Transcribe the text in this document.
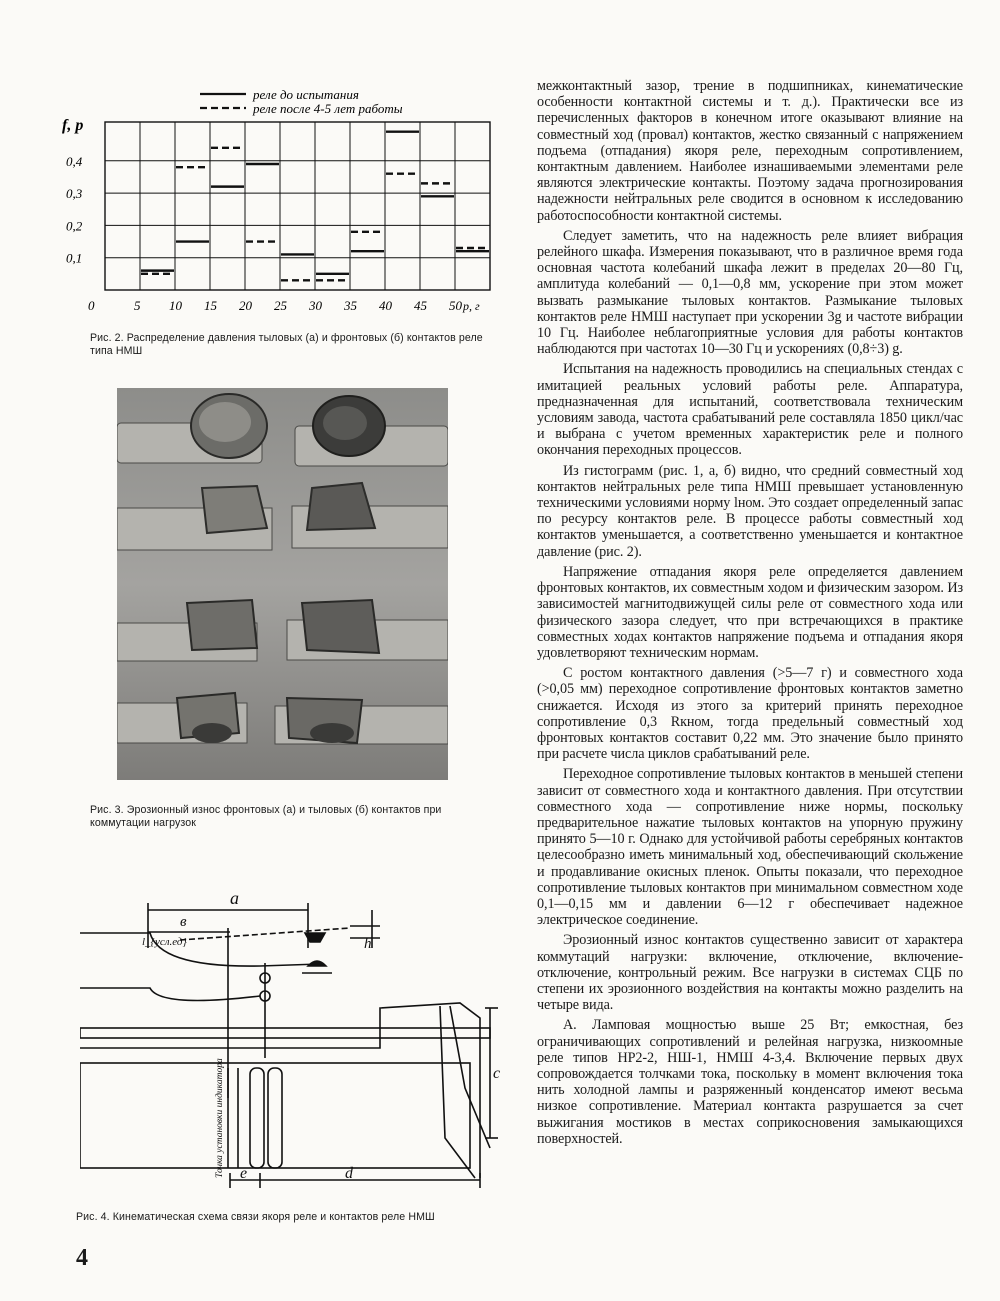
0,1
0,2
0,3
0,4
0	5 10 15 20 25 30 35 40 45 50
реле до испытания
реле после 4-5 лет работы
f, р
р, г
Рис. 2. Распределение давления тыловых (а) и фронтовых (б) контактов реле типа НМШ
Рис. 3. Эрозионный износ фронтовых (а) и тыловых (б) контактов при коммутации нагрузок
a
в
l_{усл.ед}	h
c
d
e
Точка установки индикатора
Рис. 4. Кинематическая схема связи якоря реле и контактов реле НМШ
4

межконтактный зазор, трение в подшипниках, кинематические особенности контактной системы и т. д.). Практически все из перечисленных факторов в конечном итоге оказывают влияние на совместный ход (провал) контактов, жестко связанный с напряжением подъема (отпадания) якоря реле, переходным сопротивлением, контактным давлением. Наиболее изнашиваемыми элементами реле являются электрические контакты. Поэтому задача прогнозирования надежности нейтральных реле сводится в основном к исследованию работоспособности контактной системы.

Следует заметить, что на надежность реле влияет вибрация релейного шкафа. Измерения показывают, что в различное время года основная частота колебаний шкафа лежит в пределах 20—80 Гц, амплитуда колебаний — 0,1—0,8 мм, ускорение при этом может вызвать размыкание тыловых контактов. Размыкание тыловых контактов реле НМШ наступает при ускорении 3g и частоте вибрации 10 Гц. Наиболее неблагоприятные условия для работы контактов наблюдаются при частотах 10—30 Гц и ускорениях (0,8÷3) g.

Испытания на надежность проводились на специальных стендах с имитацией реальных условий работы реле. Аппаратура, предназначенная для испытаний, соответствовала техническим условиям завода, частота срабатываний реле составляла 1850 цикл/час и выбрана с учетом временных характеристик реле и полного окончания переходных процессов.

Из гистограмм (рис. 1, а, б) видно, что средний совместный ход контактов нейтральных реле типа НМШ превышает установленную техническими условиями норму lном. Это создает определенный запас по ресурсу контактов реле. В процессе работы совместный ход контактов уменьшается, а соответственно уменьшается и контактное давление (рис. 2).

Напряжение отпадания якоря реле определяется давлением фронтовых контактов, их совместным ходом и физическим зазором. Из зависимостей магнитодвижущей силы реле от совместного хода или физического зазора следует, что при встречающихся в практике совместных ходах контактов напряжение подъема и отпадания якоря удовлетворяют техническим нормам.

С ростом контактного давления (>5—7 г) и совместного хода (>0,05 мм) переходное сопротивление фронтовых контактов заметно снижается. Исходя из этого за критерий принять переходное сопротивление 0,3 Rкном, тогда предельный совместный ход фронтовых контактов составит 0,22 мм. Это значение было принято при расчете числа циклов срабатываний реле.

Переходное сопротивление тыловых контактов в меньшей степени зависит от совместного хода и контактного давления. При отсутствии совместного хода — сопротивление ниже нормы, поскольку предварительное нажатие тыловых контактов на упорную пружину принято 5—10 г. Однако для устойчивой работы серебряных контактов целесообразно иметь минимальный ход, обеспечивающий скольжение и продавливание окисных пленок. Опыты показали, что переходное сопротивление тыловых контактов при минимальном совместном ходе 0,1—0,15 мм и давлении 6—12 г обеспечивает надежное электрическое соединение.

Эрозионный износ контактов существенно зависит от характера коммутаций нагрузки: включение, отключение, включение-отключение, контрольный режим. Все нагрузки в системах СЦБ по степени их эрозионного воздействия на контакты можно разделить на четыре вида.

А. Ламповая мощностью выше 25 Вт; емкостная, без ограничивающих сопротивлений и релейная нагрузка, низкоомные реле типов НР2-2, НШ-1, НМШ 4-3,4. Включение первых двух сопровождается толчками тока, поскольку в момент включения тока нить холодной лампы и разряженный конденсатор имеют весьма низкое сопротивление. Материал контакта разрушается за счет выжигания мостиков в местах соприкосновения замыкающихся поверхностей.
